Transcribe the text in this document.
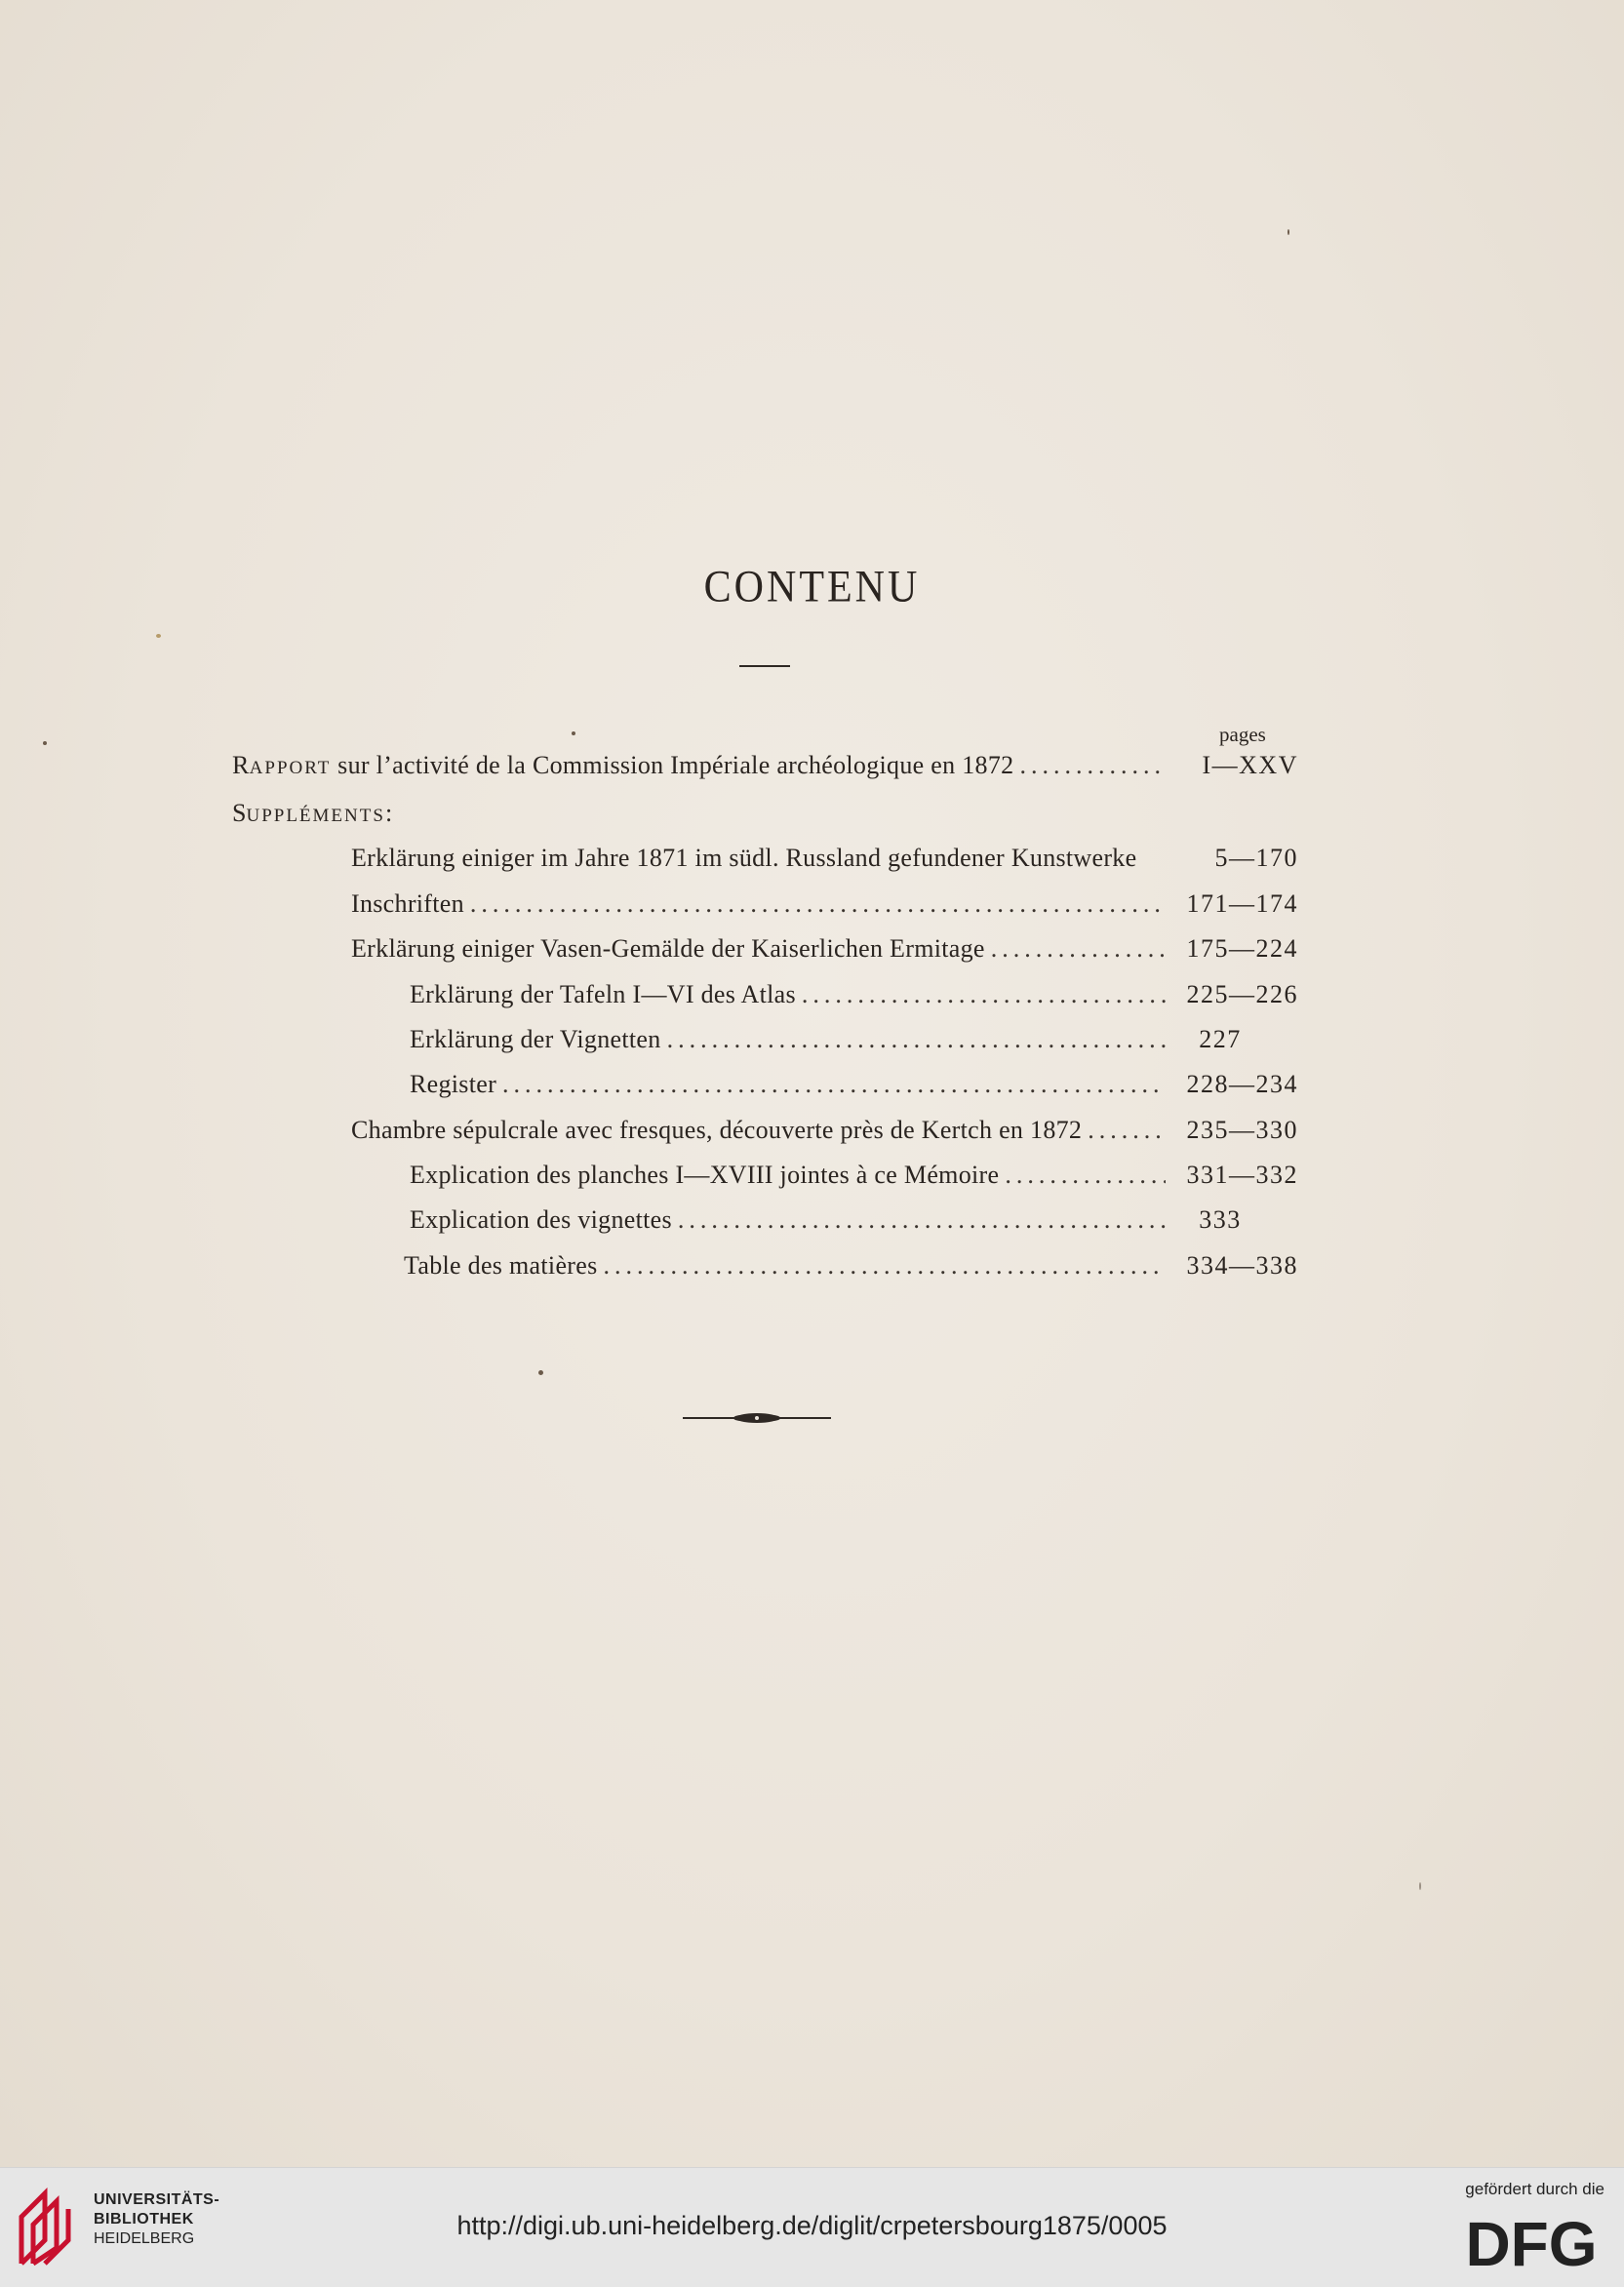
CONTENU
pages
RAPPORT sur l’activité de la Commission Impériale archéologique en 1872 .....	I—XXV
SUPPLÉMENTS:
Erklärung einiger im Jahre 1871 im südl. Russland gefundener Kunstwerke	5—170
Inschriften .....	171—174
Erklärung einiger Vasen-Gemälde der Kaiserlichen Ermitage .....	175—224
Erklärung der Tafeln I—VI des Atlas .....	225—226
Erklärung der Vignetten .....	227
Register .....	228—234
Chambre sépulcrale avec fresques, découverte près de Kertch en 1872 .....	235—330
Explication des planches I—XVIII jointes à ce Mémoire .....	331—332
Explication des vignettes .....	333
Table des matières .....	334—338
UNIVERSITÄTS-
BIBLIOTHEK
HEIDELBERG	http://digi.ub.uni-heidelberg.de/diglit/crpetersbourg1875/0005
gefördert durch die
DFG
